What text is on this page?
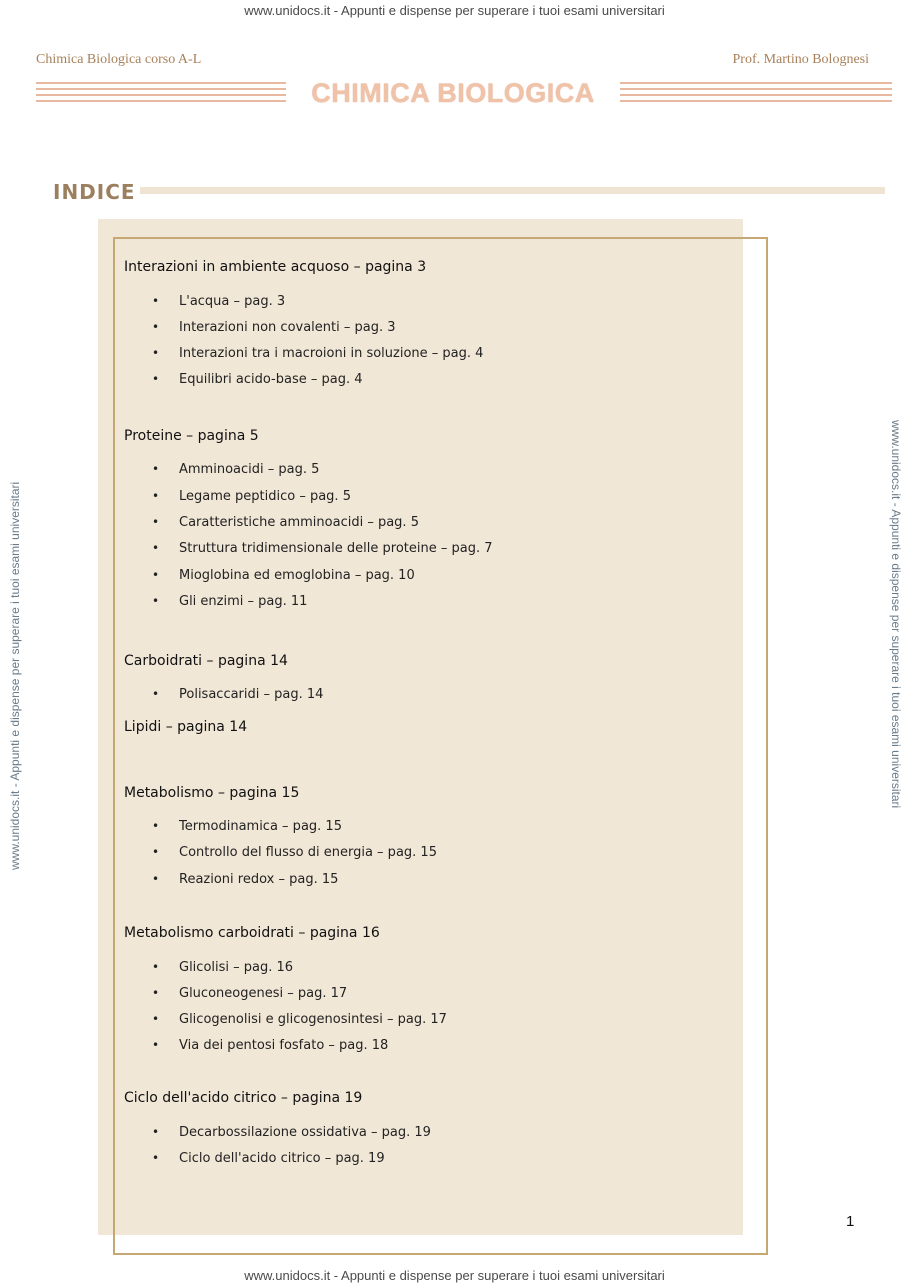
www.unidocs.it - Appunti e dispense per superare i tuoi esami universitari
www.unidocs.it - Appunti e dispense per superare i tuoi esami universitari
www.unidocs.it - Appunti e dispense per superare i tuoi esami universitari	www.unidocs.it - Appunti e dispense per superare i tuoi esami universitari
Chimica Biologica corso A-L	Prof. Martino Bolognesi
CHIMICA BIOLOGICA
INDICE
Interazioni in ambiente acquoso – pagina 3
• L'acqua – pag. 3
• Interazioni non covalenti – pag. 3
• Interazioni tra i macroioni in soluzione – pag. 4
• Equilibri acido-base – pag. 4
Proteine – pagina 5
• Amminoacidi – pag. 5
• Legame peptidico – pag. 5
• Caratteristiche amminoacidi – pag. 5
• Struttura tridimensionale delle proteine – pag. 7
• Mioglobina ed emoglobina – pag. 10
• Gli enzimi – pag. 11
Carboidrati – pagina 14
• Polisaccaridi – pag. 14
Lipidi – pagina 14
Metabolismo – pagina 15
• Termodinamica – pag. 15
• Controllo del flusso di energia – pag. 15
• Reazioni redox – pag. 15
Metabolismo carboidrati – pagina 16
• Glicolisi – pag. 16
• Gluconeogenesi – pag. 17
• Glicogenolisi e glicogenosintesi – pag. 17
• Via dei pentosi fosfato – pag. 18
Ciclo dell'acido citrico – pagina 19
• Decarbossilazione ossidativa – pag. 19
• Ciclo dell'acido citrico – pag. 19
1
